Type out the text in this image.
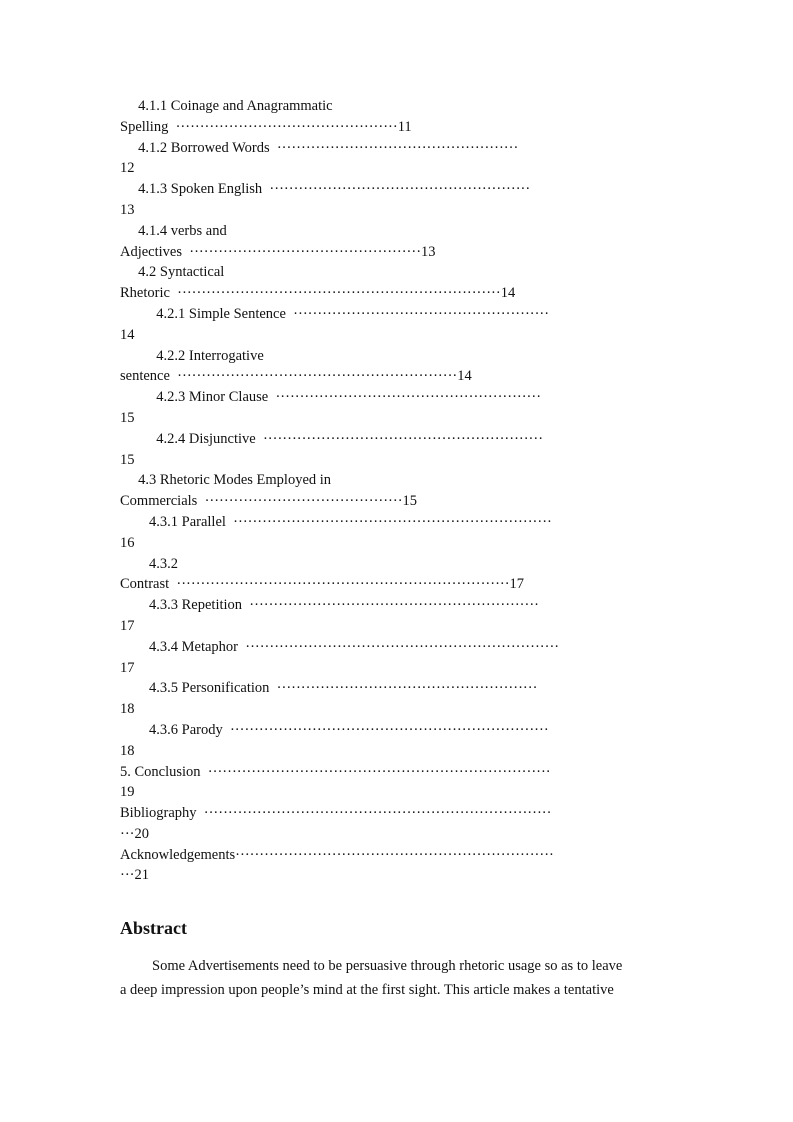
4.1.1 Coinage and Anagrammatic
Spelling  ··············································11
4.1.2 Borrowed Words  ··················································
12
4.1.3 Spoken English  ······················································
13
4.1.4 verbs and
Adjectives  ················································13
4.2 Syntactical
Rhetoric  ···································································14
4.2.1 Simple Sentence  ·····················································
14
4.2.2 Interrogative
sentence  ··························································14
4.2.3 Minor Clause  ·······················································
15
4.2.4 Disjunctive  ··························································
15
4.3 Rhetoric Modes Employed in
Commercials  ·········································15
4.3.1 Parallel  ··································································
16
4.3.2
Contrast  ·····································································17
4.3.3 Repetition  ····························································
17
4.3.4 Metaphor  ·································································
17
4.3.5 Personification  ······················································
18
4.3.6 Parody  ··································································
18
5. Conclusion  ·······································································
19
Bibliography  ········································································
···20
Acknowledgements··································································
···21
Abstract

Some Advertisements need to be persuasive through rhetoric usage so as to leave
a deep impression upon people’s mind at the first sight. This article makes a tentative
